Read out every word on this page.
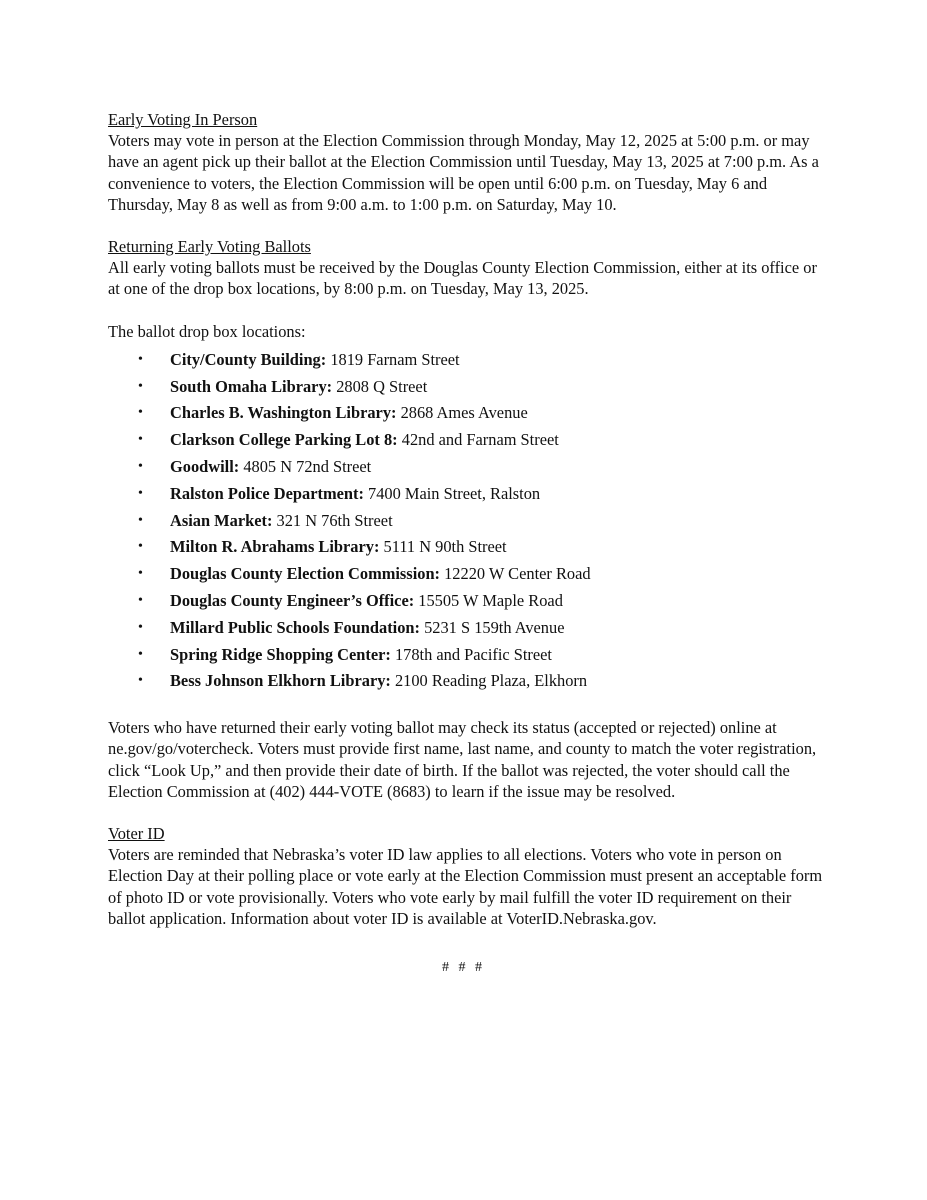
Early Voting In Person

Voters may vote in person at the Election Commission through Monday, May 12, 2025 at 5:00 p.m. or may have an agent pick up their ballot at the Election Commission until Tuesday, May 13, 2025 at 7:00 p.m. As a convenience to voters, the Election Commission will be open until 6:00 p.m. on Tuesday, May 6 and Thursday, May 8 as well as from 9:00 a.m. to 1:00 p.m. on Saturday, May 10.

Returning Early Voting Ballots

All early voting ballots must be received by the Douglas County Election Commission, either at its office or at one of the drop box locations, by 8:00 p.m. on Tuesday, May 13, 2025.

The ballot drop box locations:

• City/County Building: 1819 Farnam Street
• South Omaha Library: 2808 Q Street
• Charles B. Washington Library: 2868 Ames Avenue
• Clarkson College Parking Lot 8: 42nd and Farnam Street
• Goodwill: 4805 N 72nd Street
• Ralston Police Department: 7400 Main Street, Ralston
• Asian Market: 321 N 76th Street
• Milton R. Abrahams Library: 5111 N 90th Street
• Douglas County Election Commission: 12220 W Center Road
• Douglas County Engineer’s Office: 15505 W Maple Road
• Millard Public Schools Foundation: 5231 S 159th Avenue
• Spring Ridge Shopping Center: 178th and Pacific Street
• Bess Johnson Elkhorn Library: 2100 Reading Plaza, Elkhorn

Voters who have returned their early voting ballot may check its status (accepted or rejected) online at ne.gov/go/votercheck. Voters must provide first name, last name, and county to match the voter registration, click “Look Up,” and then provide their date of birth. If the ballot was rejected, the voter should call the Election Commission at (402) 444-VOTE (8683) to learn if the issue may be resolved.

Voter ID

Voters are reminded that Nebraska’s voter ID law applies to all elections. Voters who vote in person on Election Day at their polling place or vote early at the Election Commission must present an acceptable form of photo ID or vote provisionally. Voters who vote early by mail fulfill the voter ID requirement on their ballot application. Information about voter ID is available at VoterID.Nebraska.gov.

# # #
